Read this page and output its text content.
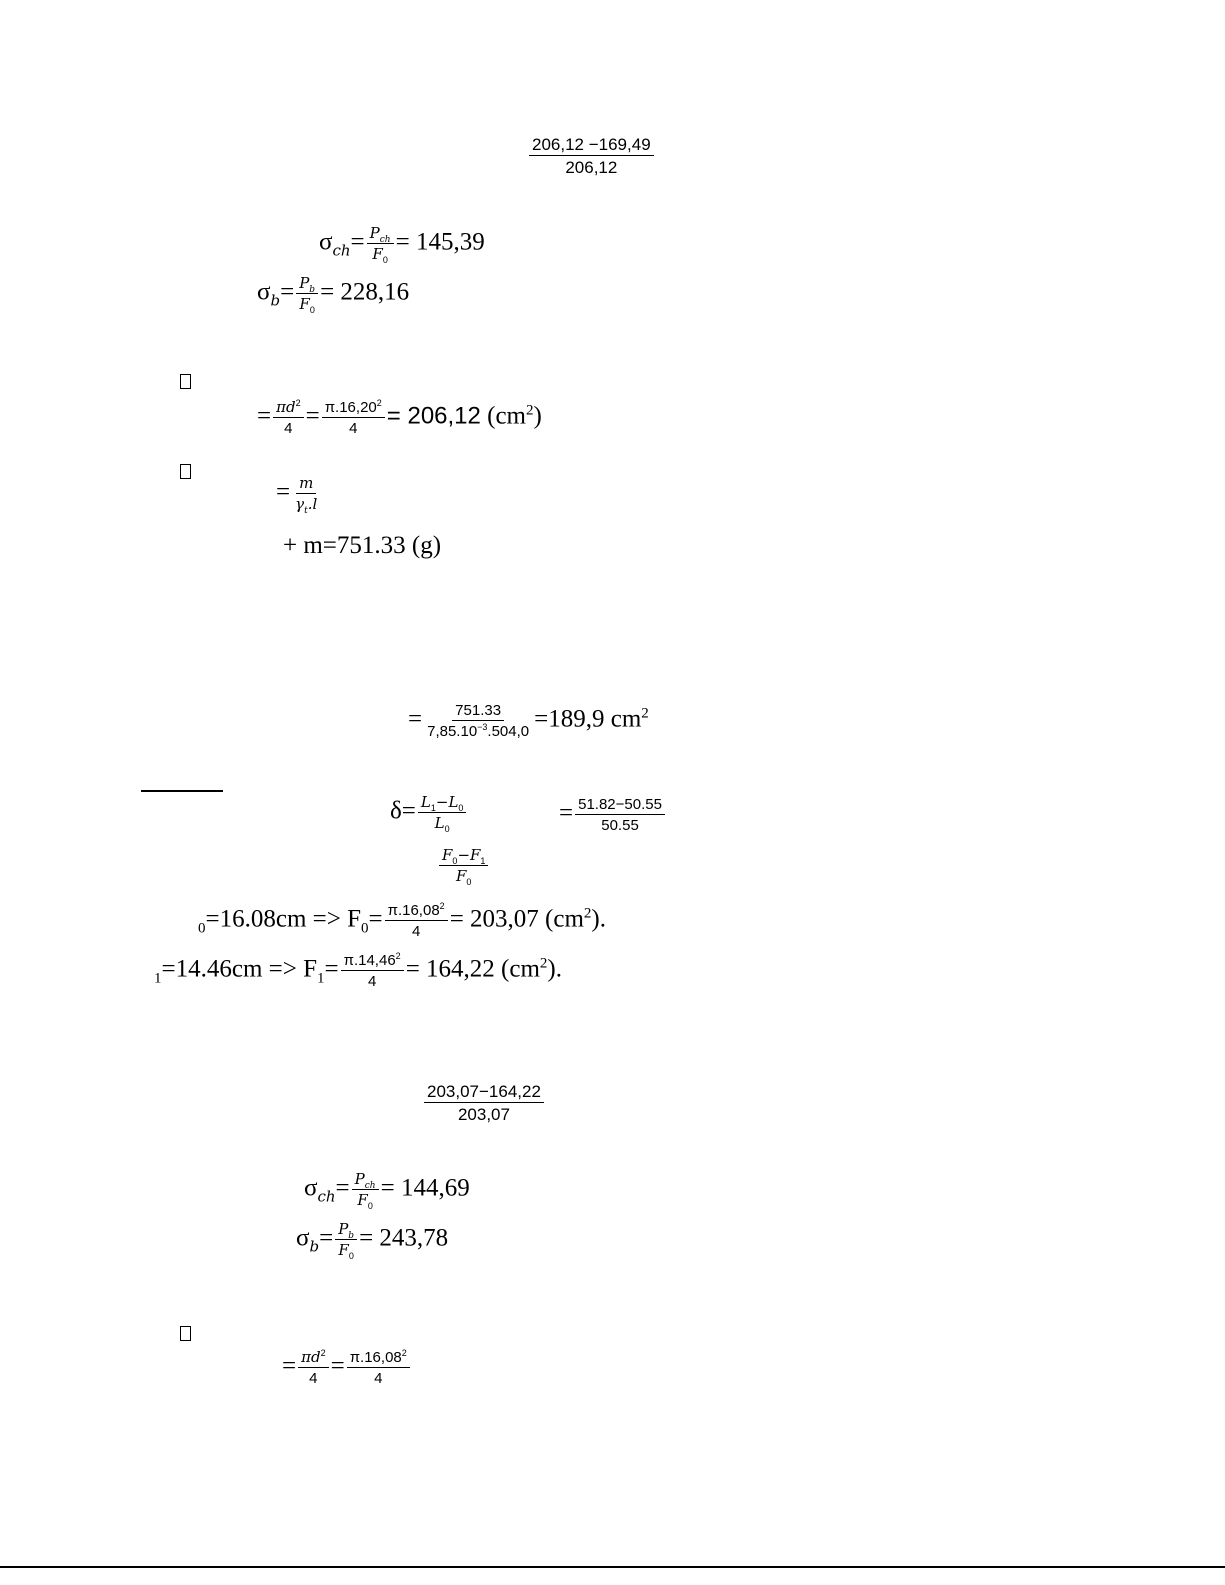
$\frac{206,12 -169,49}{206,12}$
$\sigma_{ch}= \frac{P_{ch}}{F_0} = 145,39$
$\sigma_b= \frac{P_b}{F_0} = 228,16$
= $\frac{\pi d^2}{4} = \frac{\pi.16,20^2}{4} = 206,12$ $(cm^2)$
= $\frac{m}{\gamma_t.l}$
+ m=751.33 (g)
= $\frac{751.33}{7,85.10^{-3}.504,0} =189,9$ $cm^2$
$\delta= \frac{L_1-L_0}{L_0}$	= $\frac{51.82-50.55}{50.55}$
$\frac{F_0-F_1}{F_0}$
$_0=16.08cm => F_0= \frac{\pi.16,08^2}{4} = 203,07$ $(cm^2)$.
$_1=14.46cm => F_1= \frac{\pi.14,46^2}{4} = 164,22$ $(cm^2)$.
$\frac{203,07-164,22}{203,07}$
$\sigma_{ch}= \frac{P_{ch}}{F_0} = 144,69$
$\sigma_b= \frac{P_b}{F_0} = 243,78$
= $\frac{\pi d^2}{4} = \frac{\pi.16,08^2}{4}$
